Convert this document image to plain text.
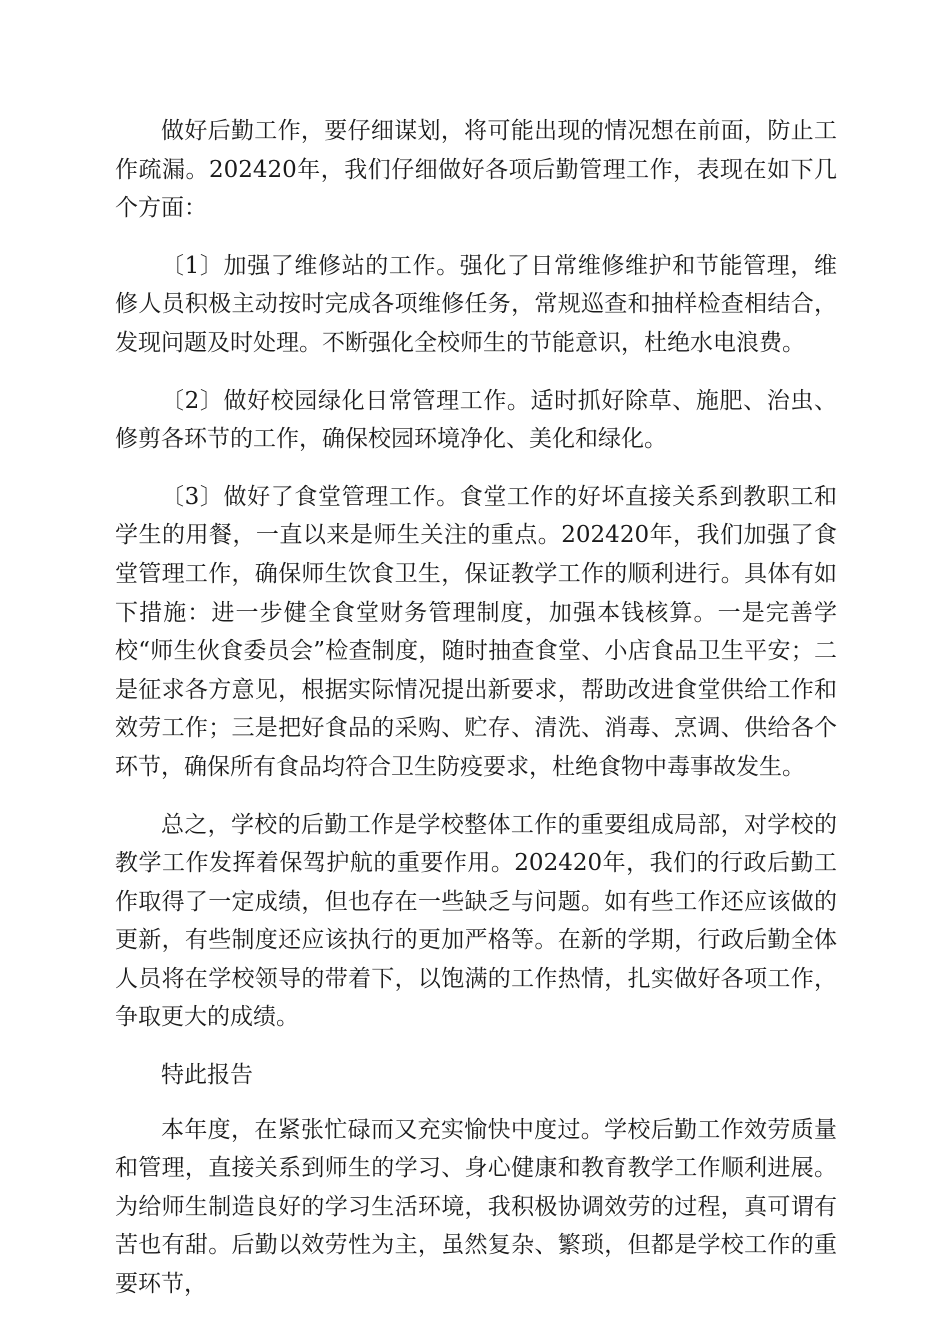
做好后勤工作，要仔细谋划，将可能出现的情况想在前面，防止工作疏漏。202420年，我们仔细做好各项后勤管理工作，表现在如下几个方面：

〔1〕加强了维修站的工作。强化了日常维修维护和节能管理，维修人员积极主动按时完成各项维修任务，常规巡查和抽样检查相结合，发现问题及时处理。不断强化全校师生的节能意识，杜绝水电浪费。

〔2〕做好校园绿化日常管理工作。适时抓好除草、施肥、治虫、修剪各环节的工作，确保校园环境净化、美化和绿化。

〔3〕做好了食堂管理工作。食堂工作的好坏直接关系到教职工和学生的用餐，一直以来是师生关注的重点。202420年，我们加强了食堂管理工作，确保师生饮食卫生，保证教学工作的顺利进行。具体有如下措施：进一步健全食堂财务管理制度，加强本钱核算。一是完善学校“师生伙食委员会”检查制度，随时抽查食堂、小店食品卫生平安；二是征求各方意见，根据实际情况提出新要求，帮助改进食堂供给工作和效劳工作；三是把好食品的采购、贮存、清洗、消毒、烹调、供给各个环节，确保所有食品均符合卫生防疫要求，杜绝食物中毒事故发生。

总之，学校的后勤工作是学校整体工作的重要组成局部，对学校的教学工作发挥着保驾护航的重要作用。202420年，我们的行政后勤工作取得了一定成绩，但也存在一些缺乏与问题。如有些工作还应该做的更新，有些制度还应该执行的更加严格等。在新的学期，行政后勤全体人员将在学校领导的带着下，以饱满的工作热情，扎实做好各项工作，争取更大的成绩。

特此报告

本年度，在紧张忙碌而又充实愉快中度过。学校后勤工作效劳质量和管理，直接关系到师生的学习、身心健康和教育教学工作顺利进展。为给师生制造良好的学习生活环境，我积极协调效劳的过程，真可谓有苦也有甜。后勤以效劳性为主，虽然复杂、繁琐，但都是学校工作的重要环节，
